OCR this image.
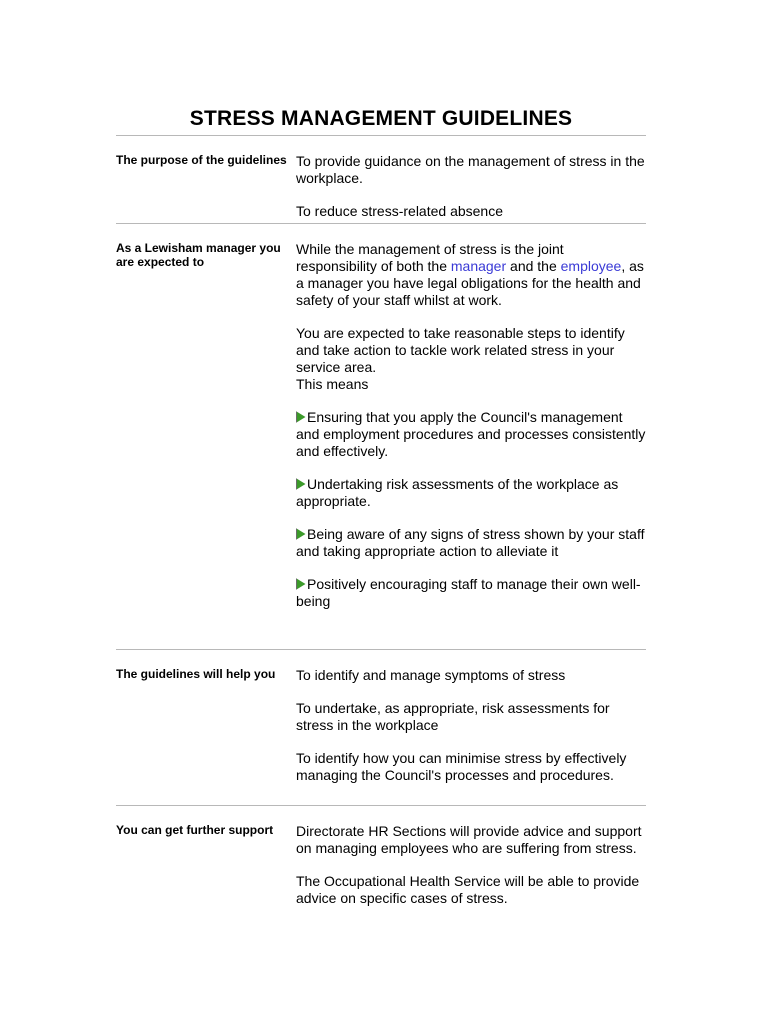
STRESS MANAGEMENT GUIDELINES

The purpose of the guidelines To provide guidance on the management of stress in the workplace.

To reduce stress-related absence

As a Lewisham manager you are expected to

While the management of stress is the joint responsibility of both the manager and the employee, as a manager you have legal obligations for the health and safety of your staff whilst at work.

You are expected to take reasonable steps to identify and take action to tackle work related stress in your service area.
This means

Ensuring that you apply the Council's management and employment procedures and processes consistently and effectively.

Undertaking risk assessments of the workplace as appropriate.

Being aware of any signs of stress shown by your staff and taking appropriate action to alleviate it

Positively encouraging staff to manage their own well-being

The guidelines will help you	To identify and manage symptoms of stress

To undertake, as appropriate, risk assessments for stress in the workplace

To identify how you can minimise stress by effectively managing the Council's processes and procedures.

You can get further support	Directorate HR Sections will provide advice and support on managing employees who are suffering from stress.

The Occupational Health Service will be able to provide advice on specific cases of stress.
